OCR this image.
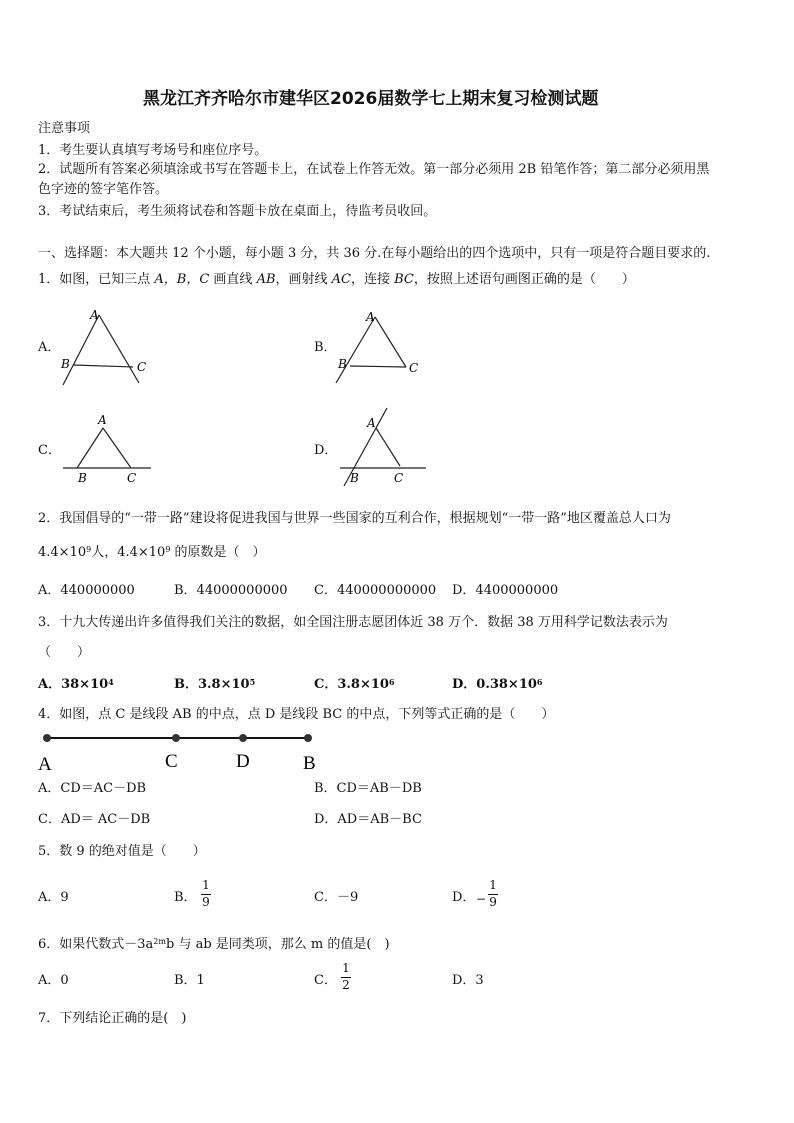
黑龙江齐齐哈尔市建华区2026届数学七上期末复习检测试题
注意事项
1．考生要认真填写考场号和座位序号。
2．试题所有答案必须填涂或书写在答题卡上，在试卷上作答无效。第一部分必须用 2B 铅笔作答；第二部分必须用黑
色字迹的签字笔作答。
3．考试结束后，考生须将试卷和答题卡放在桌面上，待监考员收回。
一、选择题：本大题共 12 个小题，每小题 3 分，共 36 分.在每小题给出的四个选项中，只有一项是符合题目要求的.
1．如图，已知三点 A，B，C 画直线 AB，画射线 AC，连接 BC，按照上述语句画图正确的是（　　）
A．
A
B	C
B．
A
B	C
C．
A
B	C
D．
A
B	C
2．我国倡导的“一带一路”建设将促进我国与世界一些国家的互利合作，根据规划“一带一路”地区覆盖总人口为
$4.4\times 10^9$人，$4.4\times 10^9$ 的原数是（　）
A．440000000	B．44000000000 C．440000000000 D．4400000000
3．十九大传递出许多值得我们关注的数据，如全国注册志愿团体近 38 万个．数据 38 万用科学记数法表示为
（　　）
A．$38\times 10^4$	B．$3.8\times 10^5$	C．$3.8\times 10^6$	D．$0.38\times 10^6$
4．如图，点 C 是线段 AB 的中点，点 D 是线段 BC 的中点，下列等式正确的是（　　）
A	C	D	B
A．CD＝AC－DB	B．CD＝AB－DB
C．AD＝ AC－DB	D．AD＝AB－BC
5．数 9 的绝对值是（　　）
A．9	B．
1
9	C．－9	D． −
1
9
6．如果代数式$-3a^{2m}b$ 与 ab 是同类项，那么 m 的值是(　)
A．0	B．1	C．
1
2	D．3
7．下列结论正确的是(　)
